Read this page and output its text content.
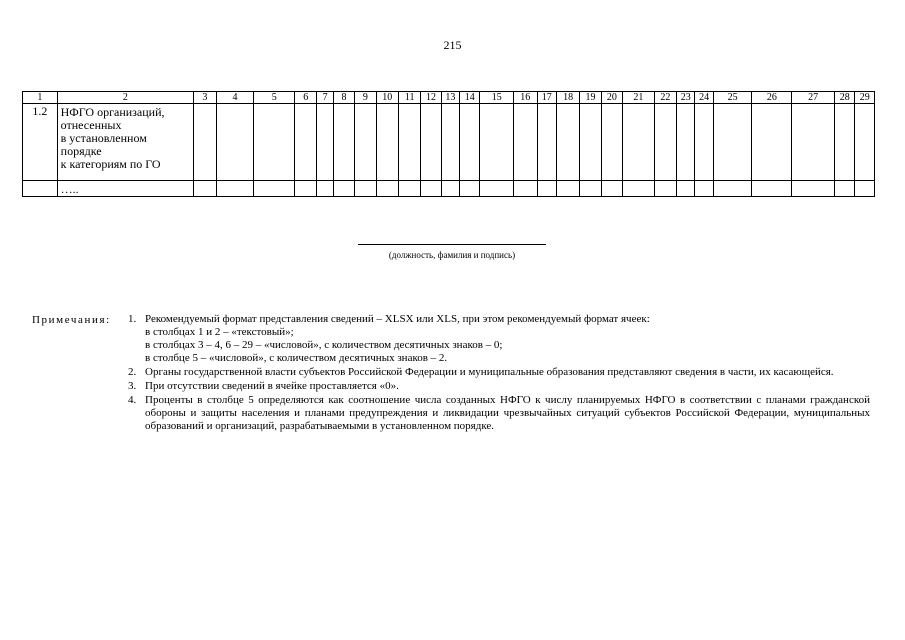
215
1	2	3	4	5	6	7	8	9	10	11	12	13	14	15	16	17	18	19	20	21	22	23	24	25	26	27	28	29
1.2	НФГО организаций,
отнесенных
в установленном
порядке
к категориям по ГО																											

	…..																											
(должность, фамилия и подпись)
Примечания: 1. Рекомендуемый формат представления сведений – XLSX или XLS, при этом рекомендуемый формат ячеек:
в столбцах 1 и 2 – «текстовый»;
в столбцах 3 – 4, 6 – 29 – «числовой», с количеством десятичных знаков – 0;
в столбце 5 – «числовой», с количеством десятичных знаков – 2.
2. Органы государственной власти субъектов Российской Федерации и муниципальные образования представляют сведения в части, их касающейся.
3. При отсутствии сведений в ячейке проставляется «0».
4. Проценты в столбце 5 определяются как соотношение числа созданных НФГО к числу планируемых НФГО в соответствии с планами гражданской обороны и защиты населения и планами предупреждения и ликвидации чрезвычайных ситуаций субъектов Российской Федерации, муниципальных образований и организаций, разрабатываемыми в установленном порядке.
